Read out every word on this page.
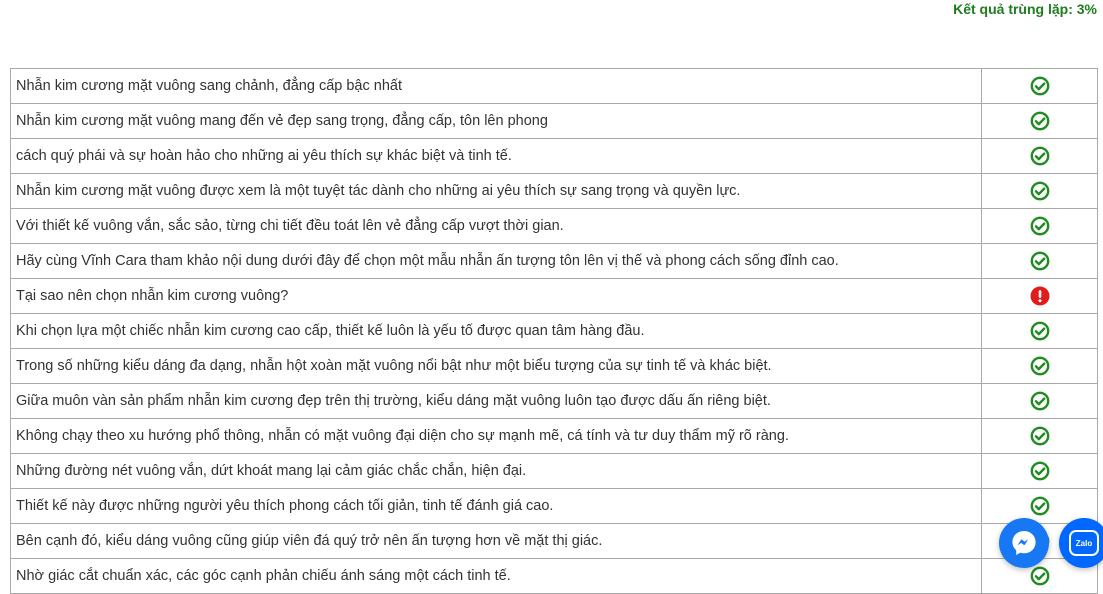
Kết quả trùng lặp: 3%
Nhẫn kim cương mặt vuông sang chảnh, đẳng cấp bậc nhất	
Nhẫn kim cương mặt vuông mang đến vẻ đẹp sang trọng, đẳng cấp, tôn lên phong	
cách quý phái và sự hoàn hảo cho những ai yêu thích sự khác biệt và tinh tế.	
Nhẫn kim cương mặt vuông được xem là một tuyệt tác dành cho những ai yêu thích sự sang trọng và quyền lực.	
Với thiết kế vuông vắn, sắc sảo, từng chi tiết đều toát lên vẻ đẳng cấp vượt thời gian.	
Hãy cùng Vĩnh Cara tham khảo nội dung dưới đây để chọn một mẫu nhẫn ấn tượng tôn lên vị thế và phong cách sống đỉnh cao.	
Tại sao nên chọn nhẫn kim cương vuông?	
Khi chọn lựa một chiếc nhẫn kim cương cao cấp, thiết kế luôn là yếu tố được quan tâm hàng đầu.	
Trong số những kiểu dáng đa dạng, nhẫn hột xoàn mặt vuông nổi bật như một biểu tượng của sự tinh tế và khác biệt.	
Giữa muôn vàn sản phẩm nhẫn kim cương đẹp trên thị trường, kiểu dáng mặt vuông luôn tạo được dấu ấn riêng biệt.	
Không chạy theo xu hướng phổ thông, nhẫn có mặt vuông đại diện cho sự mạnh mẽ, cá tính và tư duy thẩm mỹ rõ ràng.	
Những đường nét vuông vắn, dứt khoát mang lại cảm giác chắc chắn, hiện đại.	
Thiết kế này được những người yêu thích phong cách tối giản, tinh tế đánh giá cao.	
Bên cạnh đó, kiểu dáng vuông cũng giúp viên đá quý trở nên ấn tượng hơn về mặt thị giác.	
Nhờ giác cắt chuẩn xác, các góc cạnh phản chiếu ánh sáng một cách tinh tế.	
Zalo
